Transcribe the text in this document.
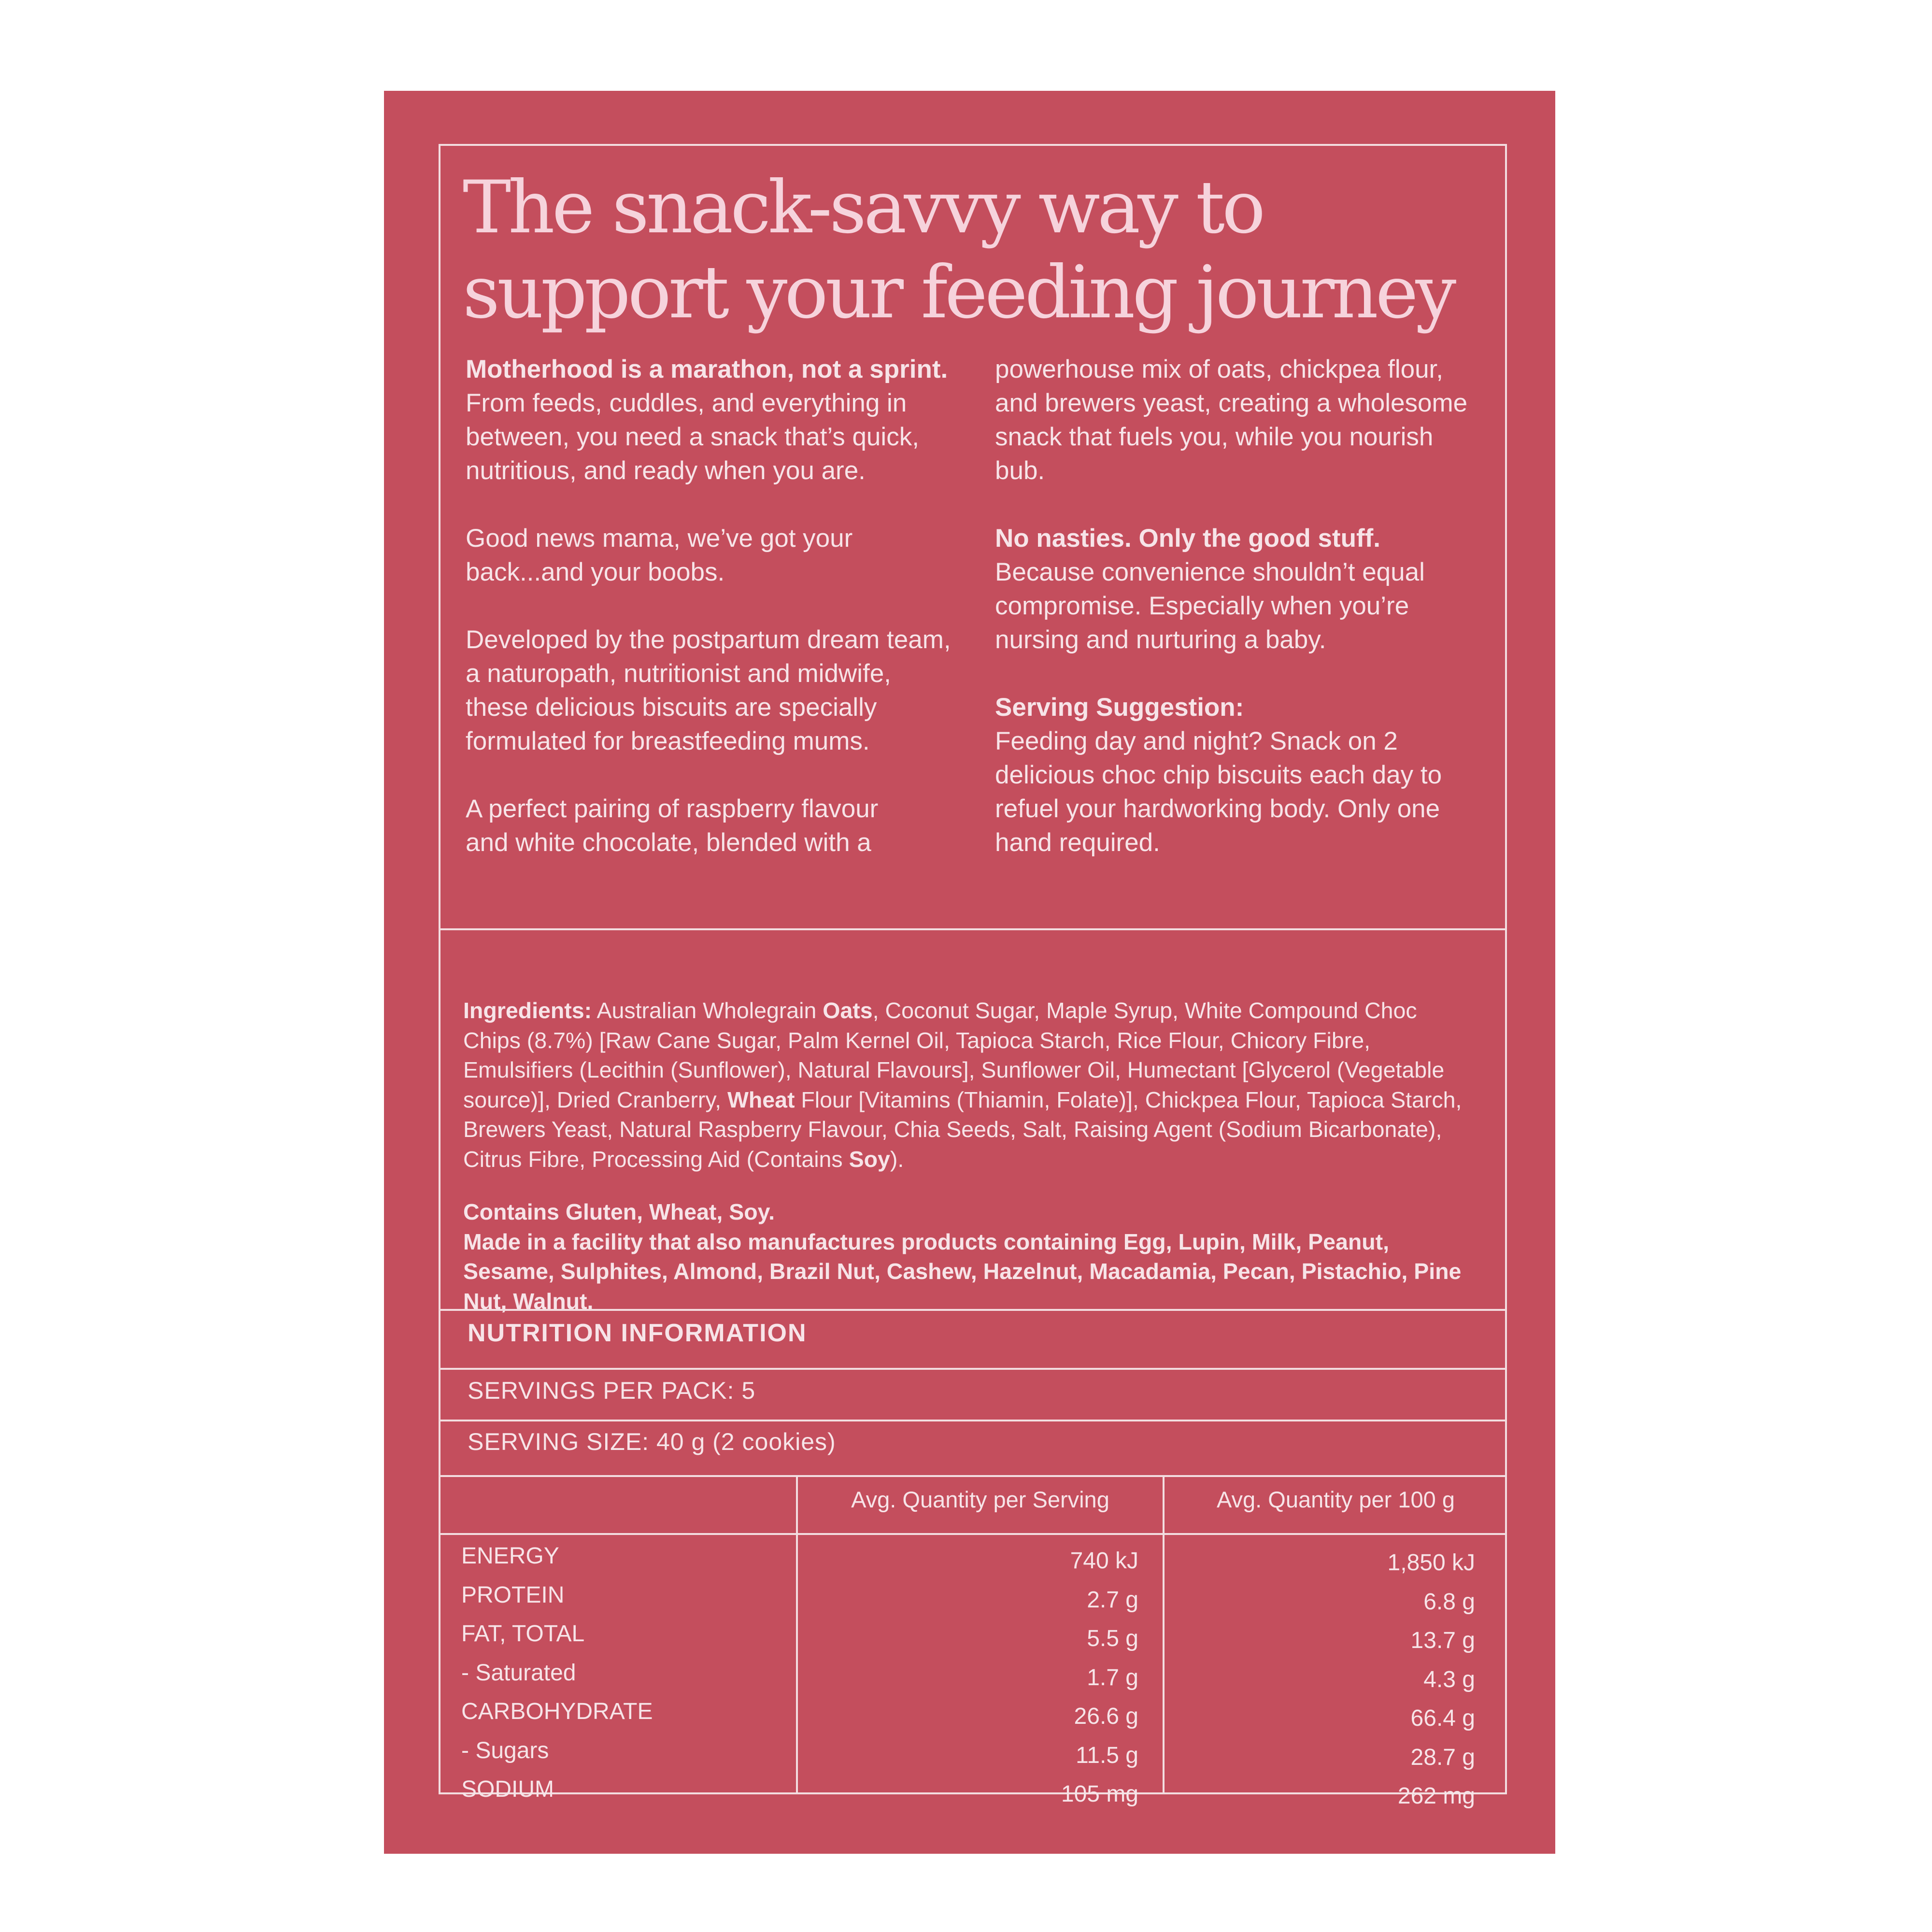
The snack-savvy way to
support your feeding journey

Motherhood is a marathon, not a sprint.
From feeds, cuddles, and everything in between, you need a snack that’s quick, nutritious, and ready when you are.

Good news mama, we’ve got your back...and your boobs.

Developed by the postpartum dream team, a naturopath, nutritionist and midwife, these delicious biscuits are specially formulated for breastfeeding mums.

A perfect pairing of raspberry flavour
and white chocolate, blended with a

powerhouse mix of oats, chickpea flour, and brewers yeast, creating a wholesome snack that fuels you, while you nourish bub.

No nasties. Only the good stuff.
Because convenience shouldn’t equal compromise. Especially when you’re nursing and nurturing a baby.

Serving Suggestion:
Feeding day and night? Snack on 2 delicious choc chip biscuits each day to refuel your hardworking body. Only one hand required.

Ingredients: Australian Wholegrain Oats, Coconut Sugar, Maple Syrup, White Compound Choc Chips (8.7%) [Raw Cane Sugar, Palm Kernel Oil, Tapioca Starch, Rice Flour, Chicory Fibre, Emulsifiers (Lecithin (Sunflower), Natural Flavours], Sunflower Oil, Humectant [Glycerol (Vegetable source)], Dried Cranberry, Wheat Flour [Vitamins (Thiamin, Folate)], Chickpea Flour, Tapioca Starch, Brewers Yeast, Natural Raspberry Flavour, Chia Seeds, Salt, Raising Agent (Sodium Bicarbonate), Citrus Fibre, Processing Aid (Contains Soy).

Contains Gluten, Wheat, Soy.
Made in a facility that also manufactures products containing Egg, Lupin, Milk, Peanut, Sesame, Sulphites, Almond, Brazil Nut, Cashew, Hazelnut, Macadamia, Pecan, Pistachio, Pine Nut, Walnut.

NUTRITION INFORMATION
SERVINGS PER PACK: 5
SERVING SIZE: 40 g (2 cookies)
Avg. Quantity per Serving	Avg. Quantity per 100 g
ENERGY
PROTEIN
FAT, TOTAL
- Saturated
CARBOHYDRATE
- Sugars
SODIUM
740 kJ
2.7 g
5.5 g
1.7 g
26.6 g
11.5 g
105 mg
1,850 kJ
6.8 g
13.7 g
4.3 g
66.4 g
28.7 g
262 mg
